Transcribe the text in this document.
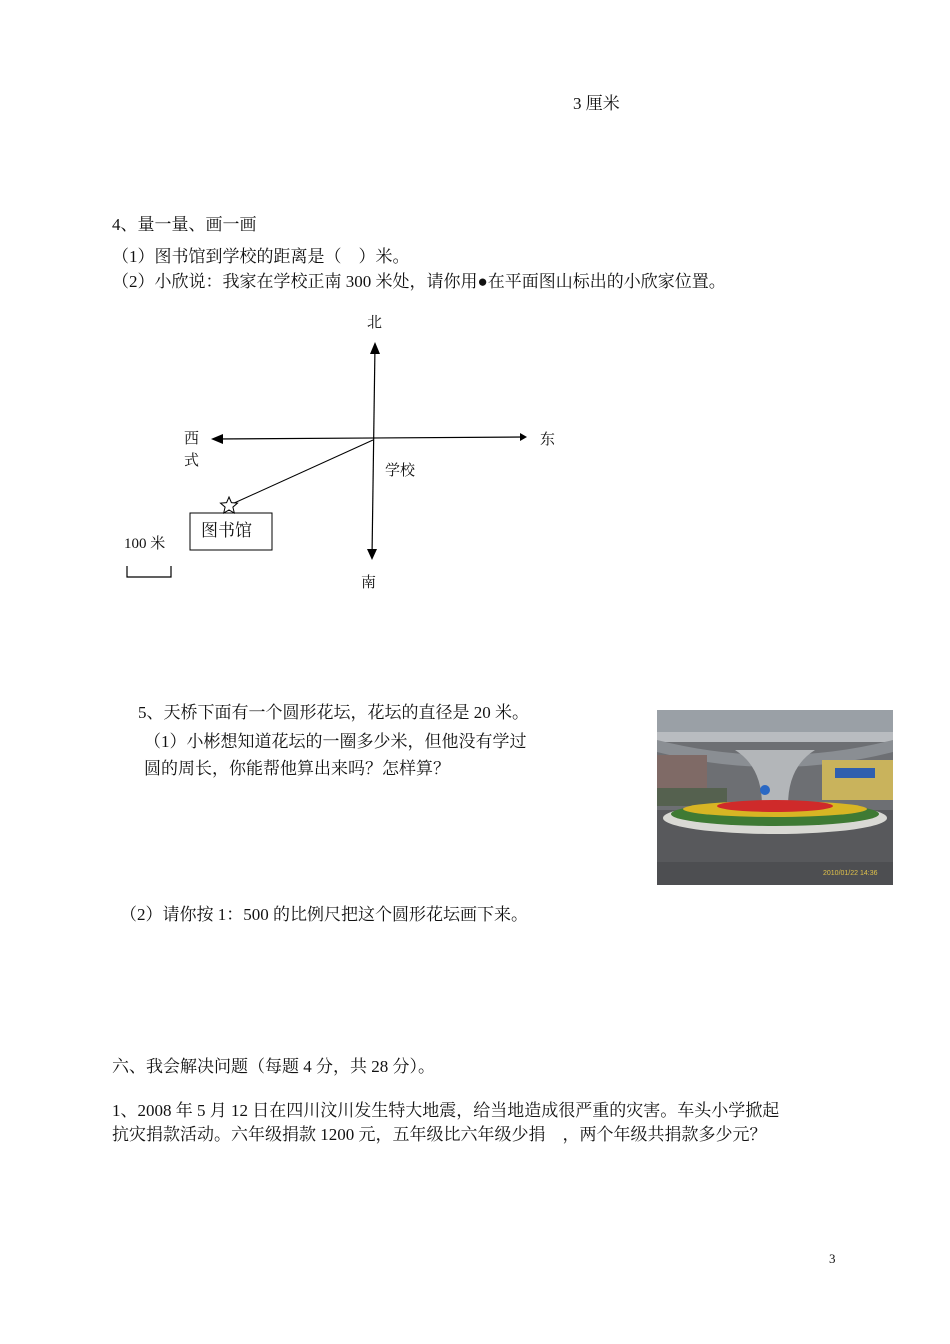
3 厘米
4、量一量、画一画
（1）图书馆到学校的距离是（　）米。
（2）小欣说：我家在学校正南 300 米处，请你用●在平面图山标出的小欣家位置。
北
南
东
西
式
学校
图书馆
100 米
5、天桥下面有一个圆形花坛，花坛的直径是 20 米。
（1）小彬想知道花坛的一圈多少米，但他没有学过
圆的周长，你能帮他算出来吗？怎样算？
2010/01/22 14:36
（2）请你按 1：500 的比例尺把这个圆形花坛画下来。
六、我会解决问题（每题 4 分，共 28 分）。
1、2008 年 5 月 12 日在四川汶川发生特大地震，给当地造成很严重的灾害。车头小学掀起
抗灾捐款活动。六年级捐款 1200 元，五年级比六年级少捐　，两个年级共捐款多少元？
3
